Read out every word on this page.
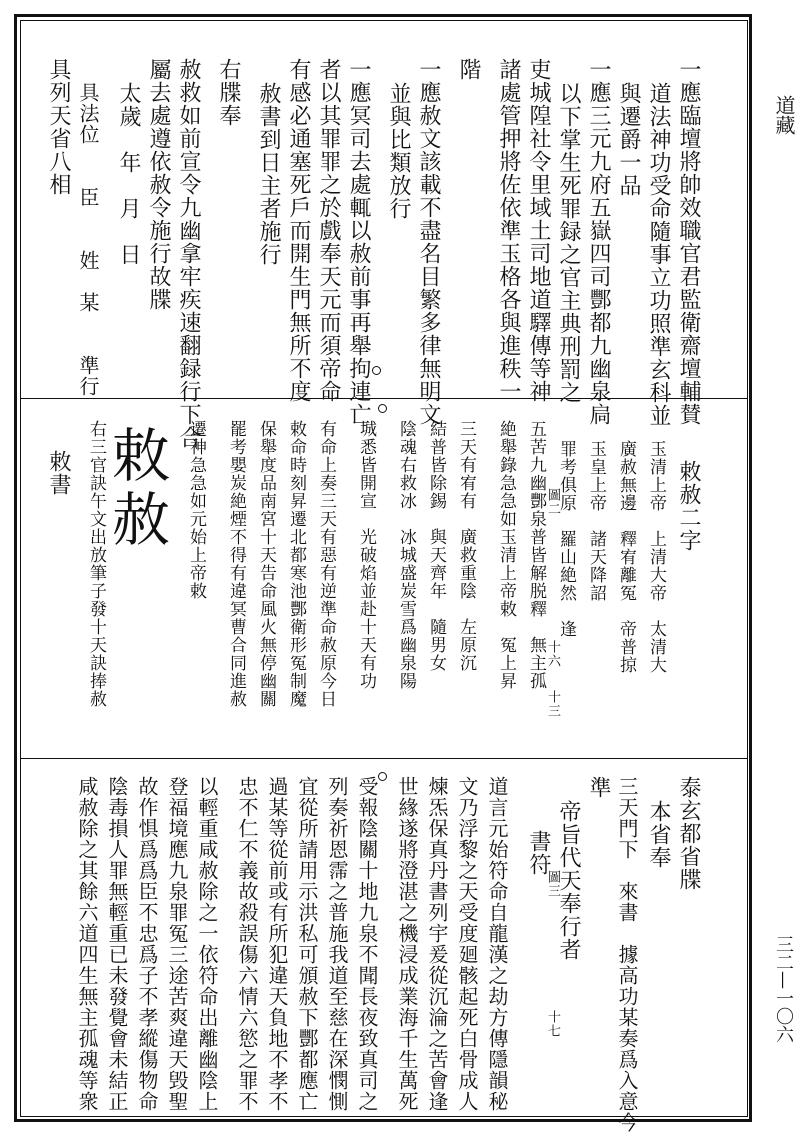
道藏
三二—一〇六
一應臨壇將帥效職官君監衛齋壇輔賛
道法神功受命隨事立功照準玄科並
與遷爵一品
一應三元九府五嶽四司酆都九幽泉扃
以下掌生死罪録之官主典刑罰之
吏城隍社令里域土司地道驛傳等神
諸處管押將佐依準玉格各與進秩一
階
一應赦文該載不盡名目繁多律無明文
並與比類放行
一應冥司去處輒以赦前事再舉拘連亡
者以其罪罪之於戲奉天元而須帝命
有感必通塞死戶而開生門無所不度
赦書到日主者施行
右牒奉
赦救如前宣令九幽拿牢疾速翻録行下合
屬去處遵依赦令施行故牒
太歲　年　月　日
具法位　　臣　　姓　某　　準行
具列天省八相
敕赦二字
玉清上帝　上清大帝　太清大
廣赦無邊　釋宥離冤　帝普掠
玉皇上帝　諸天降詔
罪考俱原　羅山絶然　逢
五苦九幽酆泉普皆解脱釋　無主孤
絶舉錄急急如玉清上帝敕　冤上昇
三天有宥有　廣救重陰　左原沉
結普皆除錫　與天齊年　隨男女
陰魂右救冰　冰城盛炭雪爲幽泉陽
城悉皆開宣　光破焰並赴十天有功
有命上奏三天有惡有逆準命赦原今日
敕命時刻昇遷北都寒池酆衛形冤制魔
保舉度品南宮十天告命風火無停幽關
罷考嬰炭絶煙不得有違冥曹合同進赦
遷神急急如元始上帝敕
敕
赦
右三官訣午文出放筆子發十天訣捧赦
敕書
圖二
十六
十三
泰玄都省牒
本省奉
三天門下　來書　據高功某奏爲入意今
準
帝旨代天奉行者
書符
圖三
十七
道言元始符命自龍漢之劫方傳隱韻秘
文乃浮黎之天受度廻骸起死白骨成人
煉炁保真丹書列宇爰從沉淪之苦會逢
世緣遂將澄湛之機浸成業海千生萬死
受報陰關十地九泉不聞長夜致真司之
列奏祈恩霈之普施我道至慈在深憫惻
宜從所請用示洪私可頒赦下酆都應亡
過某等從前或有所犯違天負地不孝不
忠不仁不義故殺誤傷六情六慾之罪不
以輕重咸赦除之一依符命出離幽陰上
登福境應九泉罪冤三途苦爽違天毁聖
故作惧爲爲臣不忠爲子不孝縱傷物命
陰毒損人罪無輕重已未發覺會未結正
咸赦除之其餘六道四生無主孤魂等衆
